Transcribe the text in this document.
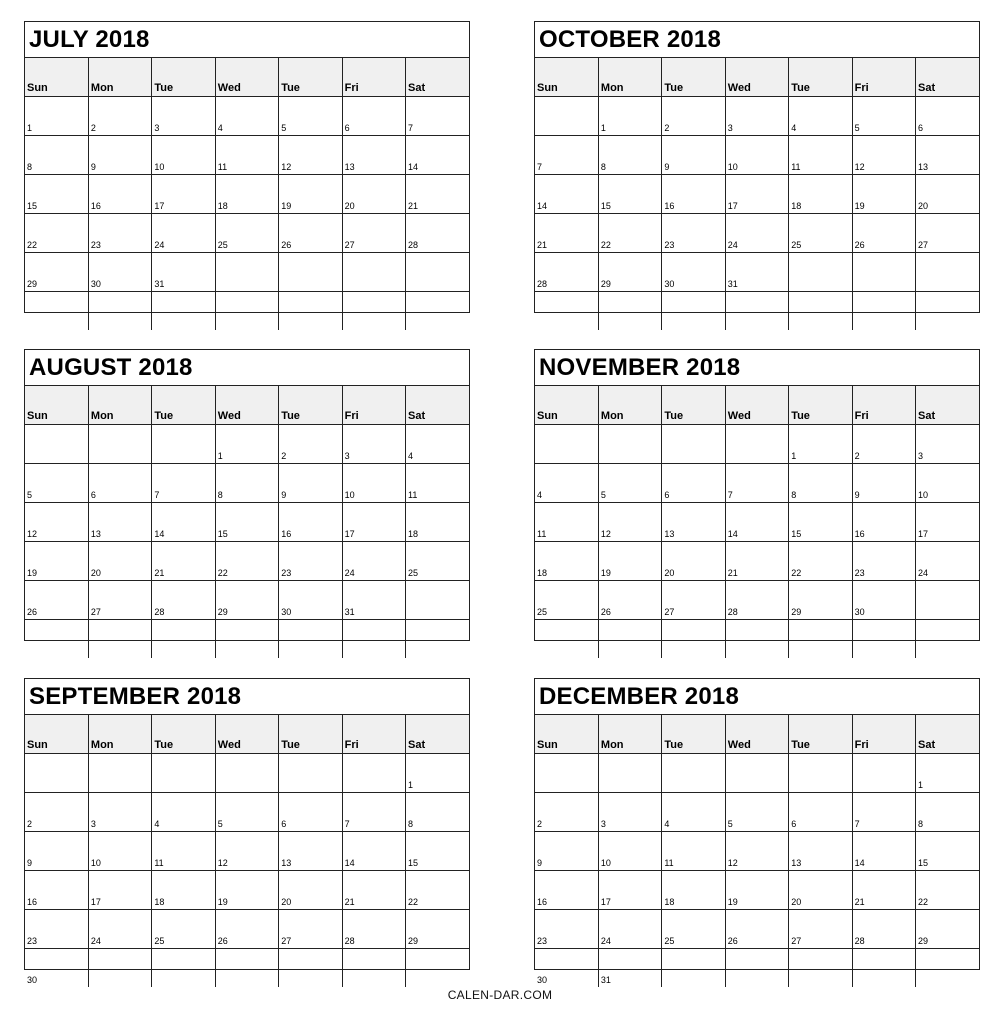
JULY 2018
Sun	Mon	Tue	Wed	Tue	Fri	Sat
1	2	3	4	5	6	7
8	9	10	11	12	13	14
15	16	17	18	19	20	21
22	23	24	25	26	27	28
29	30	31				

OCTOBER 2018
Sun	Mon	Tue	Wed	Tue	Fri	Sat
	1	2	3	4	5	6
7	8	9	10	11	12	13
14	15	16	17	18	19	20
21	22	23	24	25	26	27
28	29	30	31			

AUGUST 2018
Sun	Mon	Tue	Wed	Tue	Fri	Sat
			1	2	3	4
5	6	7	8	9	10	11
12	13	14	15	16	17	18
19	20	21	22	23	24	25
26	27	28	29	30	31	

NOVEMBER 2018
Sun	Mon	Tue	Wed	Tue	Fri	Sat
				1	2	3
4	5	6	7	8	9	10
11	12	13	14	15	16	17
18	19	20	21	22	23	24
25	26	27	28	29	30	

SEPTEMBER 2018
Sun	Mon	Tue	Wed	Tue	Fri	Sat
						1
2	3	4	5	6	7	8
9	10	11	12	13	14	15
16	17	18	19	20	21	22
23	24	25	26	27	28	29
30						
DECEMBER 2018
Sun	Mon	Tue	Wed	Tue	Fri	Sat
						1
2	3	4	5	6	7	8
9	10	11	12	13	14	15
16	17	18	19	20	21	22
23	24	25	26	27	28	29
30	31					
CALEN-DAR.COM
